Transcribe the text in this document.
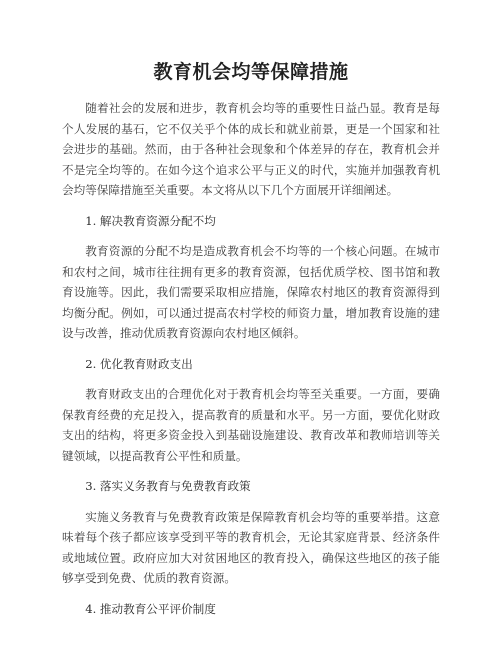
教育机会均等保障措施

随着社会的发展和进步，教育机会均等的重要性日益凸显。教育是每个人发展的基石，它不仅关乎个体的成长和就业前景，更是一个国家和社会进步的基础。然而，由于各种社会现象和个体差异的存在，教育机会并不是完全均等的。在如今这个追求公平与正义的时代，实施并加强教育机会均等保障措施至关重要。本文将从以下几个方面展开详细阐述。

1. 解决教育资源分配不均

教育资源的分配不均是造成教育机会不均等的一个核心问题。在城市和农村之间，城市往往拥有更多的教育资源，包括优质学校、图书馆和教育设施等。因此，我们需要采取相应措施，保障农村地区的教育资源得到均衡分配。例如，可以通过提高农村学校的师资力量，增加教育设施的建设与改善，推动优质教育资源向农村地区倾斜。

2. 优化教育财政支出

教育财政支出的合理优化对于教育机会均等至关重要。一方面，要确保教育经费的充足投入，提高教育的质量和水平。另一方面，要优化财政支出的结构，将更多资金投入到基础设施建设、教育改革和教师培训等关键领域，以提高教育公平性和质量。

3. 落实义务教育与免费教育政策

实施义务教育与免费教育政策是保障教育机会均等的重要举措。这意味着每个孩子都应该享受到平等的教育机会，无论其家庭背景、经济条件或地域位置。政府应加大对贫困地区的教育投入，确保这些地区的孩子能够享受到免费、优质的教育资源。

4. 推动教育公平评价制度
